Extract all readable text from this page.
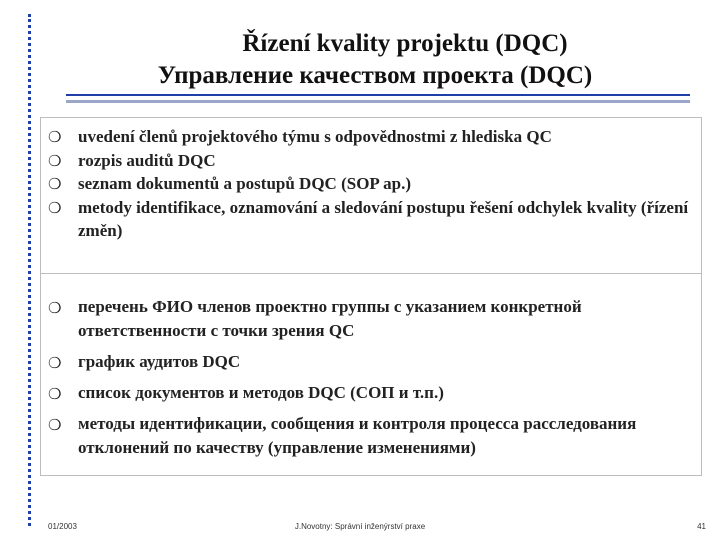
Řízení kvality projektu (DQC)
Управление качеством проекта (DQC)
❍ uvedení členů projektového týmu s odpovědnostmi z hlediska QC
❍ rozpis auditů DQC
❍ seznam dokumentů a postupů DQC (SOP ap.)
❍ metody identifikace, oznamování a sledování postupu řešení odchylek kvality (řízení změn)
❍ перечень ФИО членов проектно группы с указанием конкретной ответственности с точки зрения QC
❍ график аудитов DQC
❍ список документов и методов DQC (СОП и т.п.)
❍ методы идентификации, сообщения и контроля процесса расследования отклонений по качеству (управление изменениями)
01/2003	J.Novotny: Správní inženýrství praxe	41
